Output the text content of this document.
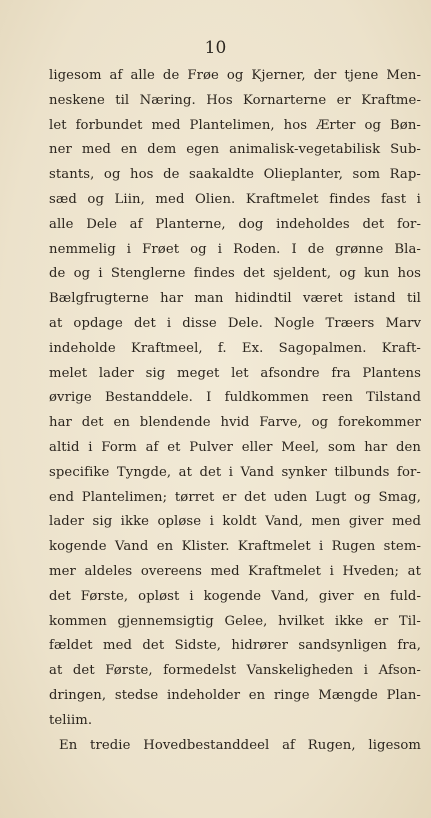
10
ligesom af alle de Frøe og Kjerner, der tjene Men-
neskene til Næring. Hos Kornarterne er Kraftme-
let forbundet med Plantelimen, hos Ærter og Bøn-
ner med en dem egen animalisk-vegetabilisk Sub-
stants, og hos de saakaldte Olieplanter, som Rap-
sæd og Liin, med Olien. Kraftmelet findes fast i
alle Dele af Planterne, dog indeholdes det for-
nemmelig i Frøet og i Roden. I de grønne Bla-
de og i Stenglerne findes det sjeldent, og kun hos
Bælgfrugterne har man hidindtil været istand til
at opdage det i disse Dele. Nogle Træers Marv
indeholde Kraftmeel, f. Ex. Sagopalmen. Kraft-
melet lader sig meget let afsondre fra Plantens
øvrige Bestanddele. I fuldkommen reen Tilstand
har det en blendende hvid Farve, og forekommer
altid i Form af et Pulver eller Meel, som har den
specifike Tyngde, at det i Vand synker tilbunds for-
end Plantelimen; tørret er det uden Lugt og Smag,
lader sig ikke opløse i koldt Vand, men giver med
kogende Vand en Klister. Kraftmelet i Rugen stem-
mer aldeles overeens med Kraftmelet i Hveden; at
det Første, opløst i kogende Vand, giver en fuld-
kommen gjennemsigtig Gelee, hvilket ikke er Til-
fældet med det Sidste, hidrører sandsynligen fra,
at det Første, formedelst Vanskeligheden i Afson-
dringen, stedse indeholder en ringe Mængde Plan-
teliim.
En tredie Hovedbestanddeel af Rugen, ligesom
